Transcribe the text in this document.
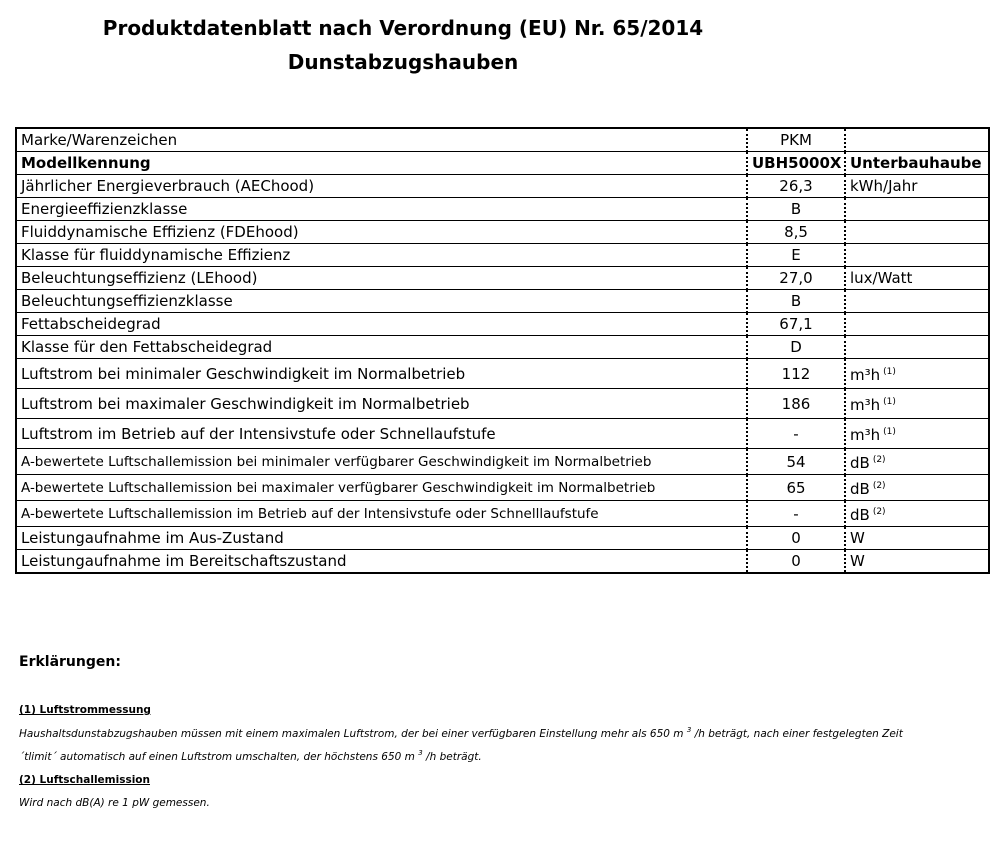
Produktdatenblatt nach Verordnung (EU) Nr. 65/2014
Dunstabzugshauben
Marke/Warenzeichen	PKM	
Modellkennung	UBH5000X	Unterbauhaube
Jährlicher Energieverbrauch (AEChood)	26,3	kWh/Jahr
Energieeffizienzklasse	B	
Fluiddynamische Effizienz (FDEhood)	8,5	
Klasse für fluiddynamische Effizienz	E	
Beleuchtungseffizienz (LEhood)	27,0	lux/Watt
Beleuchtungseffizienzklasse	B	
Fettabscheidegrad	67,1	
Klasse für den Fettabscheidegrad	D	
Luftstrom bei minimaler Geschwindigkeit im Normalbetrieb	112	m³h $^{(1)}$
Luftstrom bei maximaler Geschwindigkeit im Normalbetrieb	186	m³h $^{(1)}$
Luftstrom im Betrieb auf der Intensivstufe oder Schnellaufstufe	-	m³h $^{(1)}$
A-bewertete Luftschallemission bei minimaler verfügbarer Geschwindigkeit im Normalbetrieb	54	dB $^{(2)}$
A-bewertete Luftschallemission bei maximaler verfügbarer Geschwindigkeit im Normalbetrieb	65	dB $^{(2)}$
A-bewertete Luftschallemission im Betrieb auf der Intensivstufe oder Schnelllaufstufe	-	dB $^{(2)}$
Leistungaufnahme im Aus-Zustand	0	W
Leistungaufnahme im Bereitschaftszustand	0	W
Erklärungen:
(1) Luftstrommessung
Haushaltsdunstabzugshauben müssen mit einem maximalen Luftstrom, der bei einer verfügbaren Einstellung mehr als 650 m $^3$ /h beträgt, nach einer festgelegten Zeit
´tlimit´ automatisch auf einen Luftstrom umschalten, der höchstens 650 m $^3$ /h beträgt.
(2) Luftschallemission
Wird nach dB(A) re 1 pW gemessen.
